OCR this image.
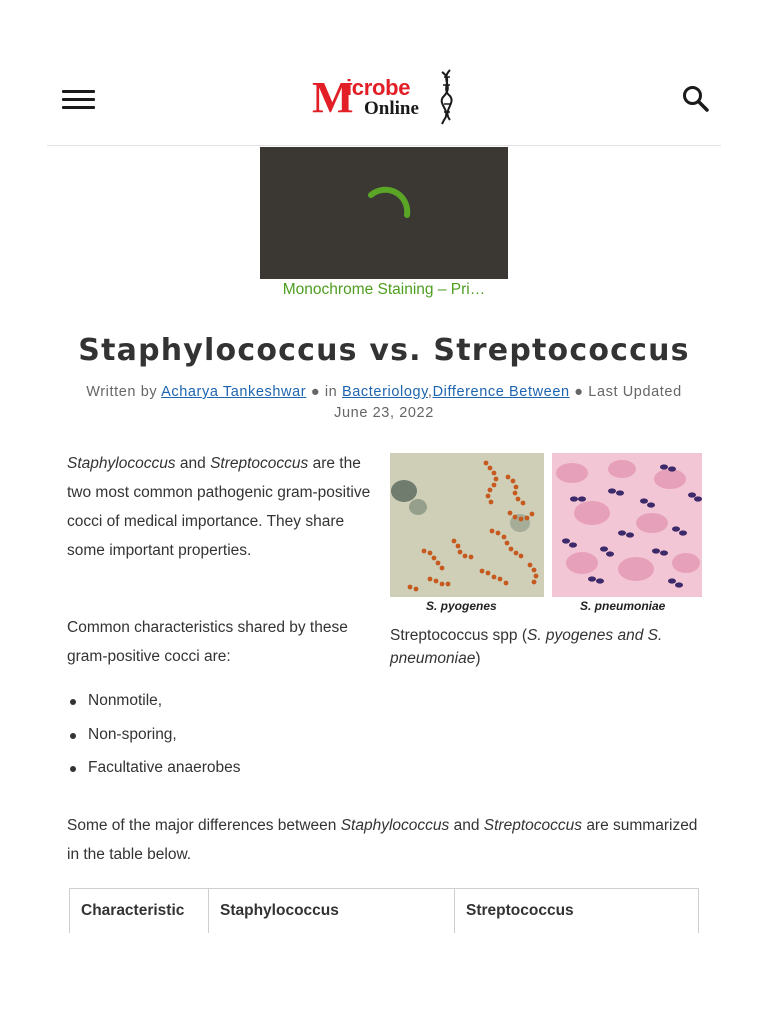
M
icrobe
Online
Monochrome Staining – Pri…
Staphylococcus vs. Streptococcus
Written by Acharya Tankeshwar ● in Bacteriology,Difference Between ● Last Updated June 23, 2022

Staphylococcus and Streptococcus are the two most common pathogenic gram-positive cocci of medical importance. They share some important properties.

Common characteristics shared by these gram-positive cocci are:

Nonmotile,
Non-sporing,
Facultative anaerobes
S. pyogenes	S. pneumoniae

Streptococcus spp (S. pyogenes and S. pneumoniae)

Some of the major differences between Staphylococcus and Streptococcus are summarized in the table below.

Characteristic	Staphylococcus	Streptococcus
